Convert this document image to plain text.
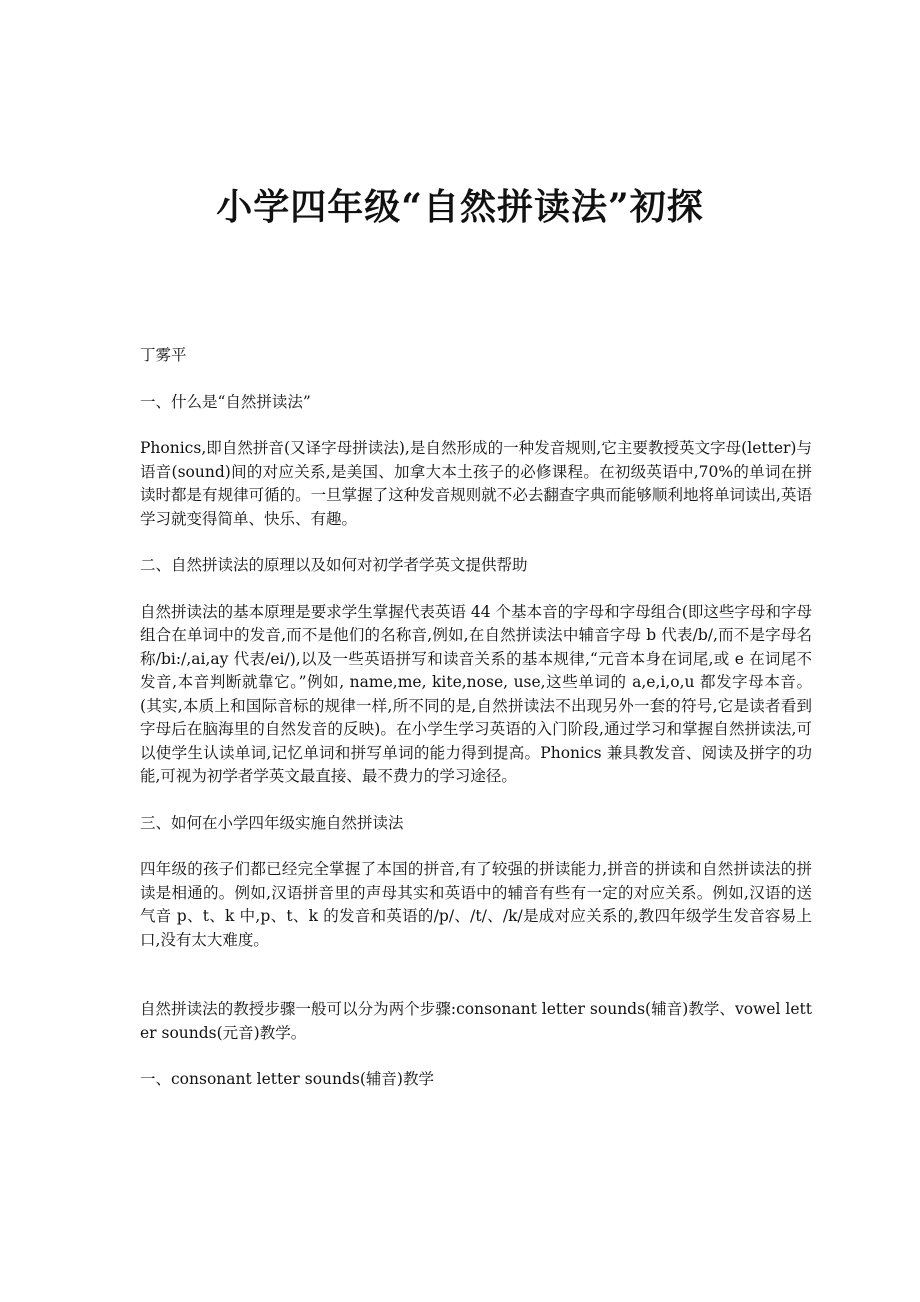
小学四年级“自然拼读法”初探

丁雾平

一、什么是“自然拼读法”

Phonics,即自然拼音(又译字母拼读法),是自然形成的一种发音规则,它主要教授英文字母(letter)与语音(sound)间的对应关系,是美国、加拿大本土孩子的必修课程。在初级英语中,70%的单词在拼读时都是有规律可循的。一旦掌握了这种发音规则就不必去翻查字典而能够顺利地将单词读出,英语学习就变得简单、快乐、有趣。

二、自然拼读法的原理以及如何对初学者学英文提供帮助

自然拼读法的基本原理是要求学生掌握代表英语 44 个基本音的字母和字母组合(即这些字母和字母组合在单词中的发音,而不是他们的名称音,例如,在自然拼读法中辅音字母 b 代表/b/,而不是字母名称/bi:/,ai,ay 代表/ei/),以及一些英语拼写和读音关系的基本规律,“元音本身在词尾,或 e 在词尾不发音,本音判断就靠它。”例如, name,me, kite,nose, use,这些单词的 a,e,i,o,u 都发字母本音。(其实,本质上和国际音标的规律一样,所不同的是,自然拼读法不出现另外一套的符号,它是读者看到字母后在脑海里的自然发音的反映)。在小学生学习英语的入门阶段,通过学习和掌握自然拼读法,可以使学生认读单词,记忆单词和拼写单词的能力得到提高。Phonics 兼具教发音、阅读及拼字的功能,可视为初学者学英文最直接、最不费力的学习途径。

三、如何在小学四年级实施自然拼读法

四年级的孩子们都已经完全掌握了本国的拼音,有了较强的拼读能力,拼音的拼读和自然拼读法的拼读是相通的。例如,汉语拼音里的声母其实和英语中的辅音有些有一定的对应关系。例如,汉语的送气音 p、t、k 中,p、t、k 的发音和英语的/p/、/t/、/k/是成对应关系的,教四年级学生发音容易上口,没有太大难度。

自然拼读法的教授步骤一般可以分为两个步骤:consonant letter sounds(辅音)教学、vowel letter sounds(元音)教学。

一、consonant letter sounds(辅音)教学
